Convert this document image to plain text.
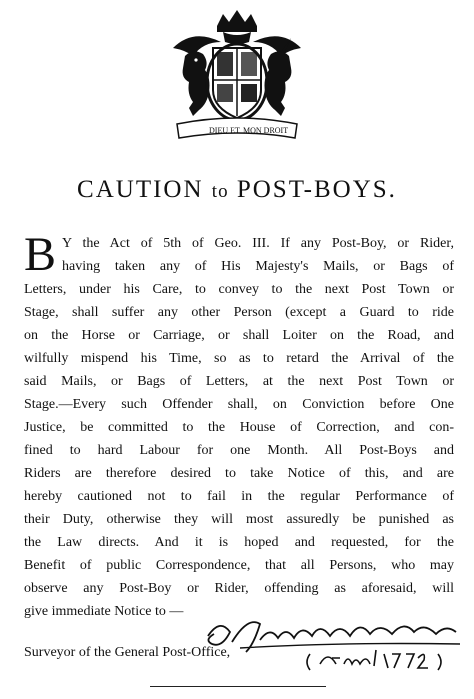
DIEU ET MON DROIT
CAUTION to POST-BOYS.
B Y the Act of 5th of Geo. III. If any Post-Boy, or Rider,
having taken any of His Majesty's Mails, or Bags of
Letters, under his Care, to convey to the next Post Town or
Stage, shall suffer any other Person (except a Guard to ride
on the Horse or Carriage, or shall Loiter on the Road, and
wilfully mispend his Time, so as to retard the Arrival of the
said Mails, or Bags of Letters, at the next Post Town or
Stage.—Every such Offender shall, on Conviction before One
Justice, be committed to the House of Correction, and con-
fined to hard Labour for one Month. All Post-Boys and
Riders are therefore desired to take Notice of this, and are
hereby cautioned not to fail in the regular Performance of
their Duty, otherwise they will most assuredly be punished as
the Law directs. And it is hoped and requested, for the
Benefit of public Correspondence, that all Persons, who may
observe any Post-Boy or Rider, offending as aforesaid, will
give immediate Notice to —
Surveyor of the General Post-Office,
